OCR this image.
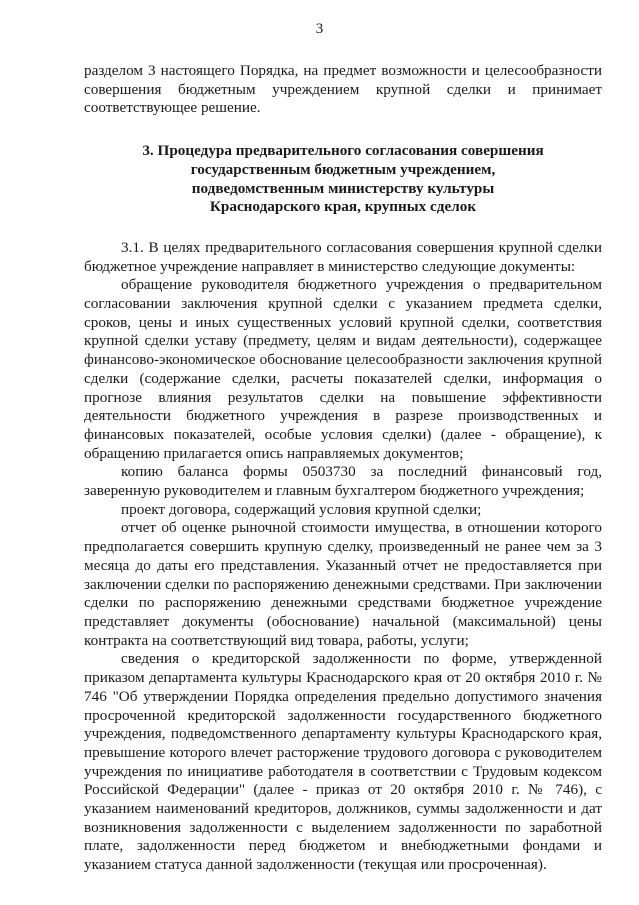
3

разделом 3 настоящего Порядка, на предмет возможности и целесообразности совершения бюджетным учреждением крупной сделки и принимает соответствующее решение.

3. Процедура предварительного согласования совершения
государственным бюджетным учреждением,
подведомственным министерству культуры
Краснодарского края, крупных сделок

3.1. В целях предварительного согласования совершения крупной сделки бюджетное учреждение направляет в министерство следующие документы:

обращение руководителя бюджетного учреждения о предварительном согласовании заключения крупной сделки с указанием предмета сделки, сроков, цены и иных существенных условий крупной сделки, соответствия крупной сделки уставу (предмету, целям и видам деятельности), содержащее финансово-экономическое обоснование целесообразности заключения крупной сделки (содержание сделки, расчеты показателей сделки, информация о прогнозе влияния результатов сделки на повышение эффективности деятельности бюджетного учреждения в разрезе производственных и финансовых показателей, особые условия сделки) (далее - обращение), к обращению прилагается опись направляемых документов;

копию баланса формы 0503730 за последний финансовый год, заверенную руководителем и главным бухгалтером бюджетного учреждения;

проект договора, содержащий условия крупной сделки;

отчет об оценке рыночной стоимости имущества, в отношении которого предполагается совершить крупную сделку, произведенный не ранее чем за 3 месяца до даты его представления. Указанный отчет не предоставляется при заключении сделки по распоряжению денежными средствами. При заключении сделки по распоряжению денежными средствами бюджетное учреждение представляет документы (обоснование) начальной (максимальной) цены контракта на соответствующий вид товара, работы, услуги;

сведения о кредиторской задолженности по форме, утвержденной приказом департамента культуры Краснодарского края от 20 октября 2010 г. № 746 "Об утверждении Порядка определения предельно допустимого значения просроченной кредиторской задолженности государственного бюджетного учреждения, подведомственного департаменту культуры Краснодарского края, превышение которого влечет расторжение трудового договора с руководителем учреждения по инициативе работодателя в соответствии с Трудовым кодексом Российской Федерации" (далее - приказ от 20 октября 2010 г. № 746), с указанием наименований кредиторов, должников, суммы задолженности и дат возникновения задолженности с выделением задолженности по заработной плате, задолженности перед бюджетом и внебюджетными фондами и указанием статуса данной задолженности (текущая или просроченная).
